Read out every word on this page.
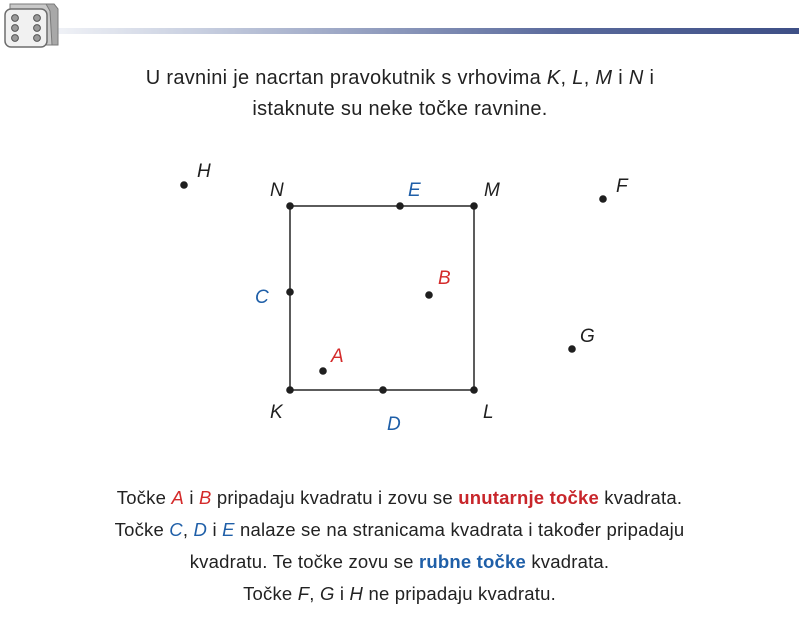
U ravnini je nacrtan pravokutnik s vrhovima K, L, M i N i

istaknute su neke točke ravnine.

N	M
K	L
E
C
D
B
A
H
F
G

Točke A i B pripadaju kvadratu i zovu se unutarnje točke kvadrata.

Točke C, D i E nalaze se na stranicama kvadrata i također pripadaju

kvadratu. Te točke zovu se rubne točke kvadrata.

Točke F, G i H ne pripadaju kvadratu.
